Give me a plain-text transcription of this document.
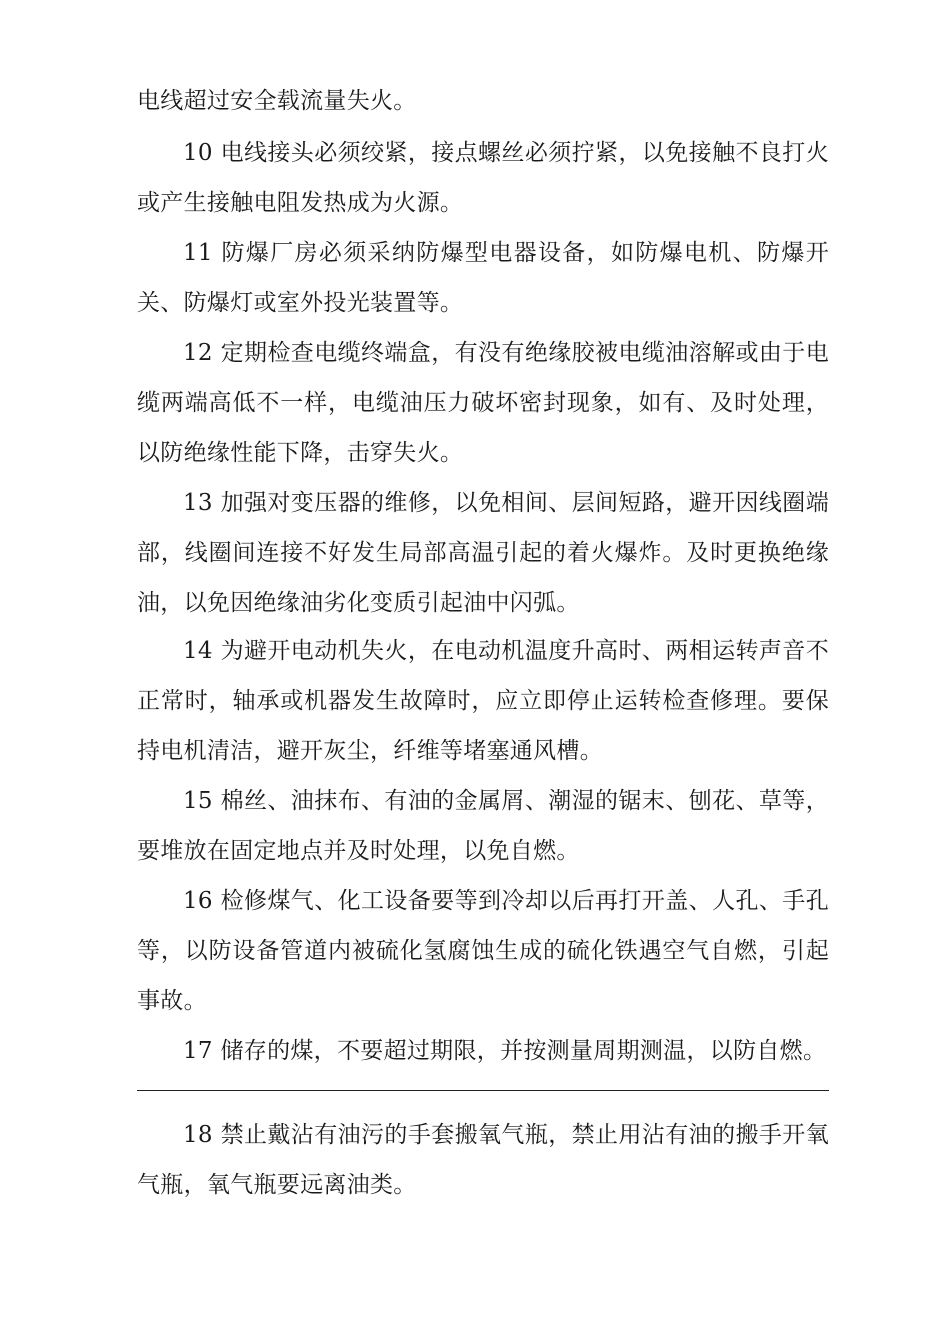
电线超过安全载流量失火。

10 电线接头必须绞紧，接点螺丝必须拧紧，以免接触不良打火或产生接触电阻发热成为火源。

11 防爆厂房必须采纳防爆型电器设备，如防爆电机、防爆开关、防爆灯或室外投光装置等。

12 定期检查电缆终端盒，有没有绝缘胶被电缆油溶解或由于电缆两端高低不一样，电缆油压力破坏密封现象，如有、及时处理，以防绝缘性能下降，击穿失火。

13 加强对变压器的维修，以免相间、层间短路，避开因线圈端部，线圈间连接不好发生局部高温引起的着火爆炸。及时更换绝缘油，以免因绝缘油劣化变质引起油中闪弧。

14 为避开电动机失火，在电动机温度升高时、两相运转声音不正常时，轴承或机器发生故障时，应立即停止运转检查修理。要保持电机清洁，避开灰尘，纤维等堵塞通风槽。

15 棉丝、油抹布、有油的金属屑、潮湿的锯末、刨花、草等，要堆放在固定地点并及时处理，以免自燃。

16 检修煤气、化工设备要等到冷却以后再打开盖、人孔、手孔等，以防设备管道内被硫化氢腐蚀生成的硫化铁遇空气自燃，引起事故。

17 储存的煤，不要超过期限，并按测量周期测温，以防自燃。

18 禁止戴沾有油污的手套搬氧气瓶，禁止用沾有油的搬手开氧气瓶，氧气瓶要远离油类。
